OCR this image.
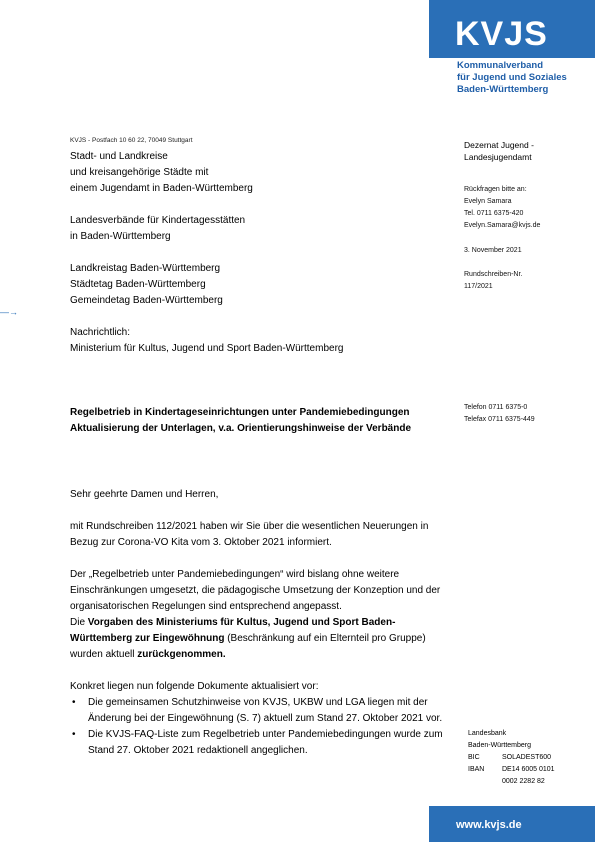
KVJS
Kommunalverband
für Jugend und Soziales
Baden-Württemberg
KVJS - Postfach 10 60 22, 70049 Stuttgart
Stadt- und Landkreise
und kreisangehörige Städte mit
einem Jugendamt in Baden-Württemberg
Landesverbände für Kindertagesstätten
in Baden-Württemberg
Landkreistag Baden-Württemberg
Städtetag Baden-Württemberg
Gemeindetag Baden-Württemberg
Nachrichtlich:
Ministerium für Kultus, Jugend und Sport Baden-Württemberg
—→
Dezernat Jugend -
Landesjugendamt
Rückfragen bitte an:
Evelyn Samara
Tel. 0711 6375-420
Evelyn.Samara@kvjs.de
3. November 2021
Rundschreiben-Nr.
117/2021
Telefon 0711 6375-0
Telefax 0711 6375-449
Regelbetrieb in Kindertageseinrichtungen unter Pandemiebedingungen Aktualisierung der Unterlagen, v.a. Orientierungshinweise der Verbände
Sehr geehrte Damen und Herren,
mit Rundschreiben 112/2021 haben wir Sie über die wesentlichen Neuerungen in Bezug zur Corona-VO Kita vom 3. Oktober 2021 informiert.
Der „Regelbetrieb unter Pandemiebedingungen“ wird bislang ohne weitere Einschränkungen umgesetzt, die pädagogische Umsetzung der Konzeption und der organisatorischen Regelungen sind entsprechend angepasst.
Die Vorgaben des Ministeriums für Kultus, Jugend und Sport Baden-Württemberg zur Eingewöhnung (Beschränkung auf ein Elternteil pro Gruppe) wurden aktuell zurückgenommen.
Konkret liegen nun folgende Dokumente aktualisiert vor:
• Die gemeinsamen Schutzhinweise von KVJS, UKBW und LGA liegen mit der Änderung bei der Eingewöhnung (S. 7) aktuell zum Stand 27. Oktober 2021 vor.
• Die KVJS-FAQ-Liste zum Regelbetrieb unter Pandemiebedingungen wurde zum Stand 27. Oktober 2021 redaktionell angeglichen.
Landesbank
Baden-Württemberg
BIC	SOLADEST600
IBAN	DE14 6005 0101
0002 2282 82
www.kvjs.de
